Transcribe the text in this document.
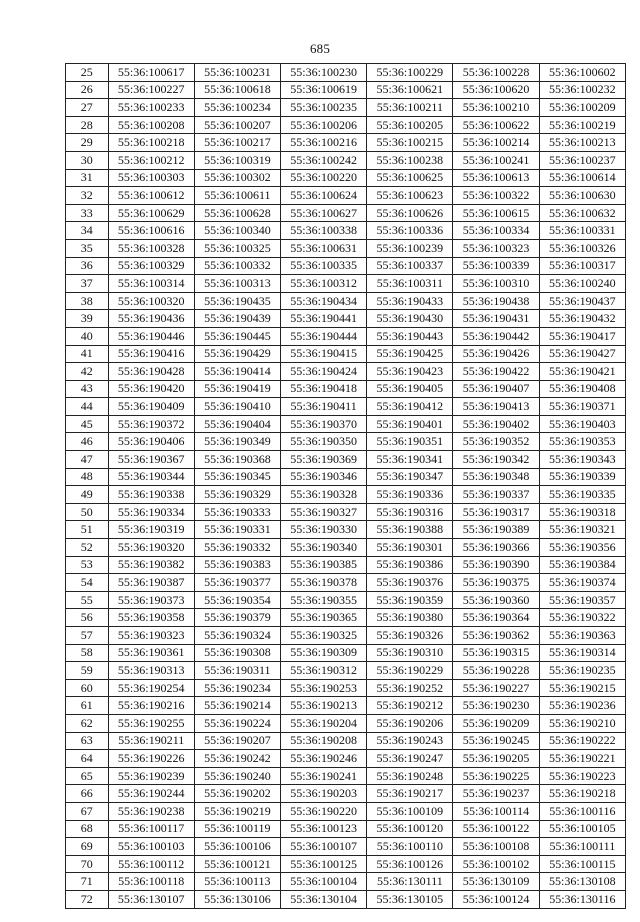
685
25	55:36:100617	55:36:100231	55:36:100230	55:36:100229	55:36:100228	55:36:100602
26	55:36:100227	55:36:100618	55:36:100619	55:36:100621	55:36:100620	55:36:100232
27	55:36:100233	55:36:100234	55:36:100235	55:36:100211	55:36:100210	55:36:100209
28	55:36:100208	55:36:100207	55:36:100206	55:36:100205	55:36:100622	55:36:100219
29	55:36:100218	55:36:100217	55:36:100216	55:36:100215	55:36:100214	55:36:100213
30	55:36:100212	55:36:100319	55:36:100242	55:36:100238	55:36:100241	55:36:100237
31	55:36:100303	55:36:100302	55:36:100220	55:36:100625	55:36:100613	55:36:100614
32	55:36:100612	55:36:100611	55:36:100624	55:36:100623	55:36:100322	55:36:100630
33	55:36:100629	55:36:100628	55:36:100627	55:36:100626	55:36:100615	55:36:100632
34	55:36:100616	55:36:100340	55:36:100338	55:36:100336	55:36:100334	55:36:100331
35	55:36:100328	55:36:100325	55:36:100631	55:36:100239	55:36:100323	55:36:100326
36	55:36:100329	55:36:100332	55:36:100335	55:36:100337	55:36:100339	55:36:100317
37	55:36:100314	55:36:100313	55:36:100312	55:36:100311	55:36:100310	55:36:100240
38	55:36:100320	55:36:190435	55:36:190434	55:36:190433	55:36:190438	55:36:190437
39	55:36:190436	55:36:190439	55:36:190441	55:36:190430	55:36:190431	55:36:190432
40	55:36:190446	55:36:190445	55:36:190444	55:36:190443	55:36:190442	55:36:190417
41	55:36:190416	55:36:190429	55:36:190415	55:36:190425	55:36:190426	55:36:190427
42	55:36:190428	55:36:190414	55:36:190424	55:36:190423	55:36:190422	55:36:190421
43	55:36:190420	55:36:190419	55:36:190418	55:36:190405	55:36:190407	55:36:190408
44	55:36:190409	55:36:190410	55:36:190411	55:36:190412	55:36:190413	55:36:190371
45	55:36:190372	55:36:190404	55:36:190370	55:36:190401	55:36:190402	55:36:190403
46	55:36:190406	55:36:190349	55:36:190350	55:36:190351	55:36:190352	55:36:190353
47	55:36:190367	55:36:190368	55:36:190369	55:36:190341	55:36:190342	55:36:190343
48	55:36:190344	55:36:190345	55:36:190346	55:36:190347	55:36:190348	55:36:190339
49	55:36:190338	55:36:190329	55:36:190328	55:36:190336	55:36:190337	55:36:190335
50	55:36:190334	55:36:190333	55:36:190327	55:36:190316	55:36:190317	55:36:190318
51	55:36:190319	55:36:190331	55:36:190330	55:36:190388	55:36:190389	55:36:190321
52	55:36:190320	55:36:190332	55:36:190340	55:36:190301	55:36:190366	55:36:190356
53	55:36:190382	55:36:190383	55:36:190385	55:36:190386	55:36:190390	55:36:190384
54	55:36:190387	55:36:190377	55:36:190378	55:36:190376	55:36:190375	55:36:190374
55	55:36:190373	55:36:190354	55:36:190355	55:36:190359	55:36:190360	55:36:190357
56	55:36:190358	55:36:190379	55:36:190365	55:36:190380	55:36:190364	55:36:190322
57	55:36:190323	55:36:190324	55:36:190325	55:36:190326	55:36:190362	55:36:190363
58	55:36:190361	55:36:190308	55:36:190309	55:36:190310	55:36:190315	55:36:190314
59	55:36:190313	55:36:190311	55:36:190312	55:36:190229	55:36:190228	55:36:190235
60	55:36:190254	55:36:190234	55:36:190253	55:36:190252	55:36:190227	55:36:190215
61	55:36:190216	55:36:190214	55:36:190213	55:36:190212	55:36:190230	55:36:190236
62	55:36:190255	55:36:190224	55:36:190204	55:36:190206	55:36:190209	55:36:190210
63	55:36:190211	55:36:190207	55:36:190208	55:36:190243	55:36:190245	55:36:190222
64	55:36:190226	55:36:190242	55:36:190246	55:36:190247	55:36:190205	55:36:190221
65	55:36:190239	55:36:190240	55:36:190241	55:36:190248	55:36:190225	55:36:190223
66	55:36:190244	55:36:190202	55:36:190203	55:36:190217	55:36:190237	55:36:190218
67	55:36:190238	55:36:190219	55:36:190220	55:36:100109	55:36:100114	55:36:100116
68	55:36:100117	55:36:100119	55:36:100123	55:36:100120	55:36:100122	55:36:100105
69	55:36:100103	55:36:100106	55:36:100107	55:36:100110	55:36:100108	55:36:100111
70	55:36:100112	55:36:100121	55:36:100125	55:36:100126	55:36:100102	55:36:100115
71	55:36:100118	55:36:100113	55:36:100104	55:36:130111	55:36:130109	55:36:130108
72	55:36:130107	55:36:130106	55:36:130104	55:36:130105	55:36:100124	55:36:130116
